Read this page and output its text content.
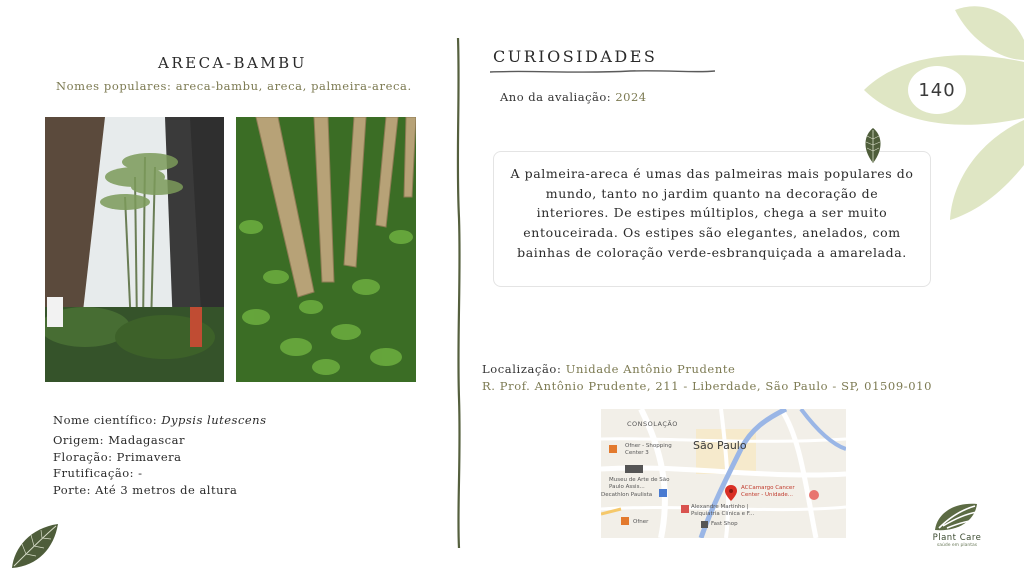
ARECA-BAMBU
Nomes populares: areca-bambu, areca, palmeira-areca.
Nome científico: Dypsis lutescens
Origem: Madagascar
Floração: Primavera
Frutificação: -
Porte: Até 3 metros de altura
CURIOSIDADES
Ano da avaliação: 2024
A palmeira-areca é umas das palmeiras mais populares do mundo, tanto no jardim quanto na decoração de interiores. De estipes múltiplos, chega a ser muito entouceirada. Os estipes são elegantes, anelados, com bainhas de coloração verde-esbranquiçada a amarelada.
Localização: Unidade Antônio Prudente
R. Prof. Antônio Prudente, 211 - Liberdade, São Paulo - SP, 01509-010
CONSOLAÇÃO
São Paulo
Ofner - Shopping Center 3
Museu de Arte de São Paulo Assis...
Decathlon Paulista
ACCamargo Cancer Center - Unidade...
Alexandre Martinho | Psiquiatria Clínica e F...
Fast Shop
Ofner
140
Plant Care
saúde em plantas
